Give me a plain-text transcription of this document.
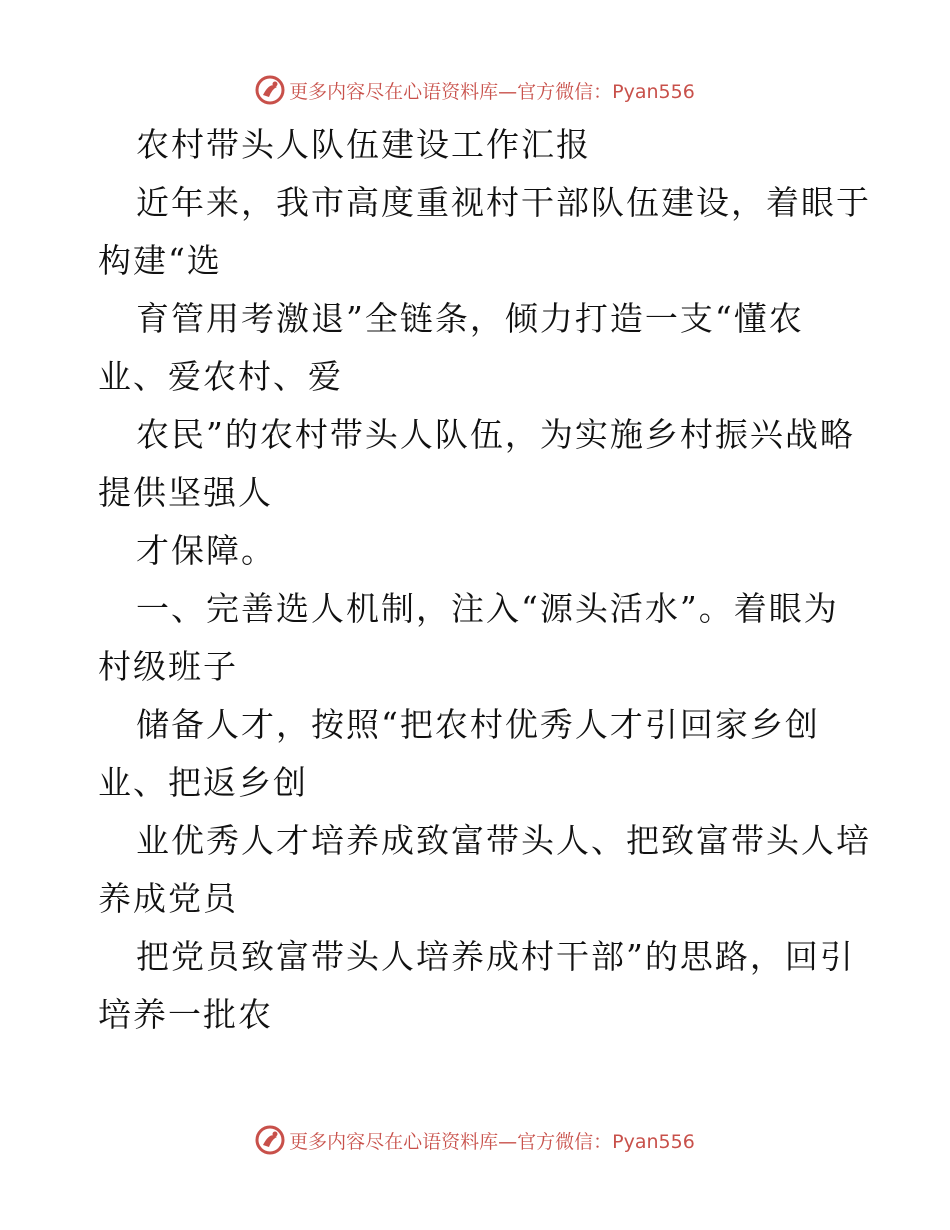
更多内容尽在心语资料库—官方微信：Pyan556
农村带头人队伍建设工作汇报
近年来，我市高度重视村干部队伍建设，着眼于
构建“选
育管用考激退”全链条，倾力打造一支“懂农
业、爱农村、爱
农民”的农村带头人队伍，为实施乡村振兴战略
提供坚强人
才保障。
一、完善选人机制，注入“源头活水”。着眼为
村级班子
储备人才，按照“把农村优秀人才引回家乡创
业、把返乡创
业优秀人才培养成致富带头人、把致富带头人培
养成党员
把党员致富带头人培养成村干部”的思路，回引
培养一批农
更多内容尽在心语资料库—官方微信：Pyan556
